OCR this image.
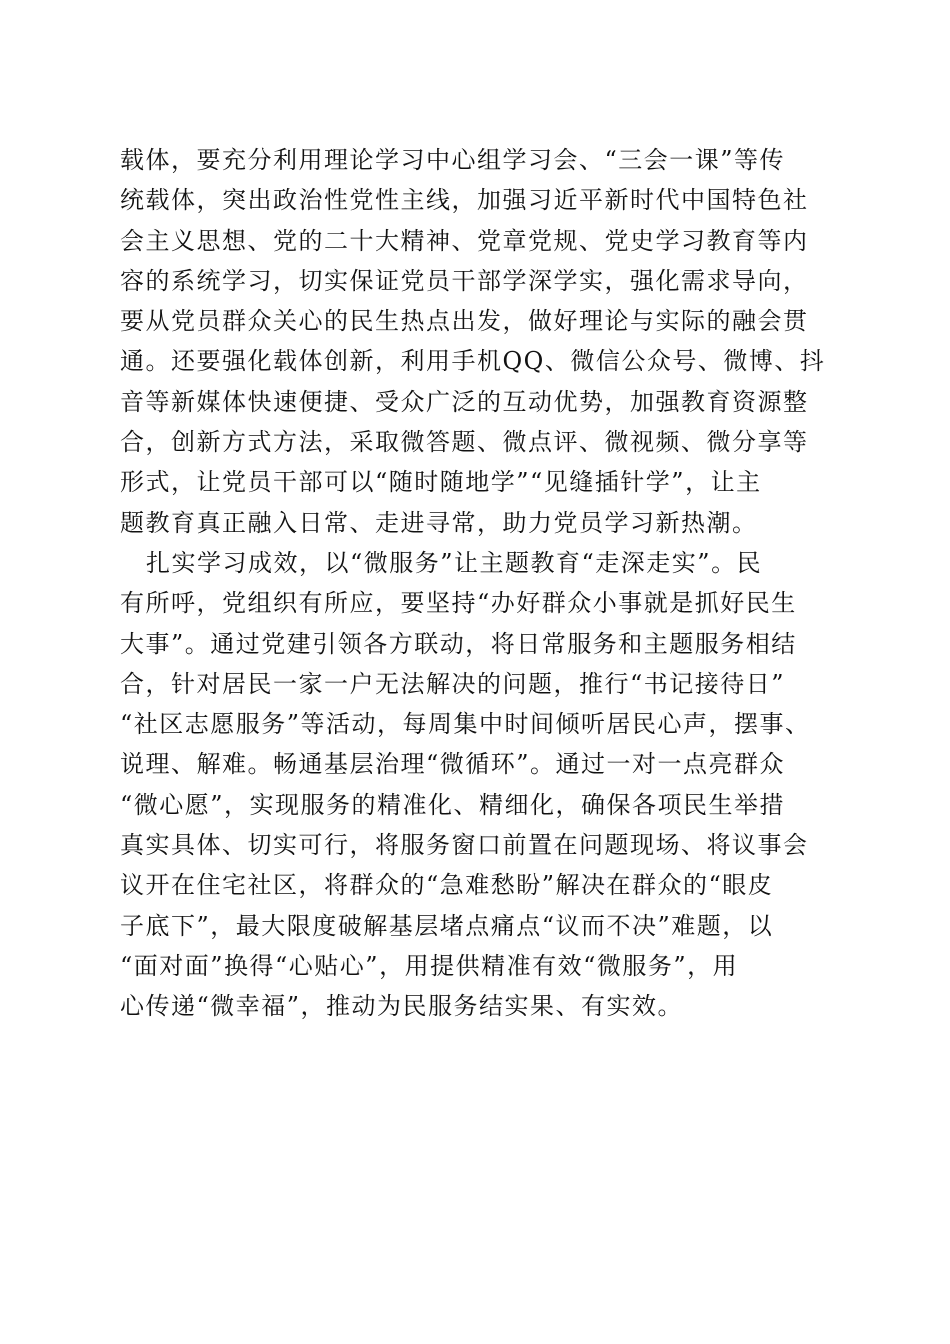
载体，要充分利用理论学习中心组学习会、“三会一课”等传
统载体，突出政治性党性主线，加强习近平新时代中国特色社
会主义思想、党的二十大精神、党章党规、党史学习教育等内
容的系统学习，切实保证党员干部学深学实，强化需求导向，
要从党员群众关心的民生热点出发，做好理论与实际的融会贯
通。还要强化载体创新，利用手机QQ、微信公众号、微博、抖
音等新媒体快速便捷、受众广泛的互动优势，加强教育资源整
合，创新方式方法，采取微答题、微点评、微视频、微分享等
形式，让党员干部可以“随时随地学”“见缝插针学”，让主
题教育真正融入日常、走进寻常，助力党员学习新热潮。
扎实学习成效，以“微服务”让主题教育“走深走实”。民
有所呼，党组织有所应，要坚持“办好群众小事就是抓好民生
大事”。通过党建引领各方联动，将日常服务和主题服务相结
合，针对居民一家一户无法解决的问题，推行“书记接待日”
“社区志愿服务”等活动，每周集中时间倾听居民心声，摆事、
说理、解难。畅通基层治理“微循环”。通过一对一点亮群众
“微心愿”，实现服务的精准化、精细化，确保各项民生举措
真实具体、切实可行，将服务窗口前置在问题现场、将议事会
议开在住宅社区，将群众的“急难愁盼”解决在群众的“眼皮
子底下”，最大限度破解基层堵点痛点“议而不决”难题，以
“面对面”换得“心贴心”，用提供精准有效“微服务”，用
心传递“微幸福”，推动为民服务结实果、有实效。
